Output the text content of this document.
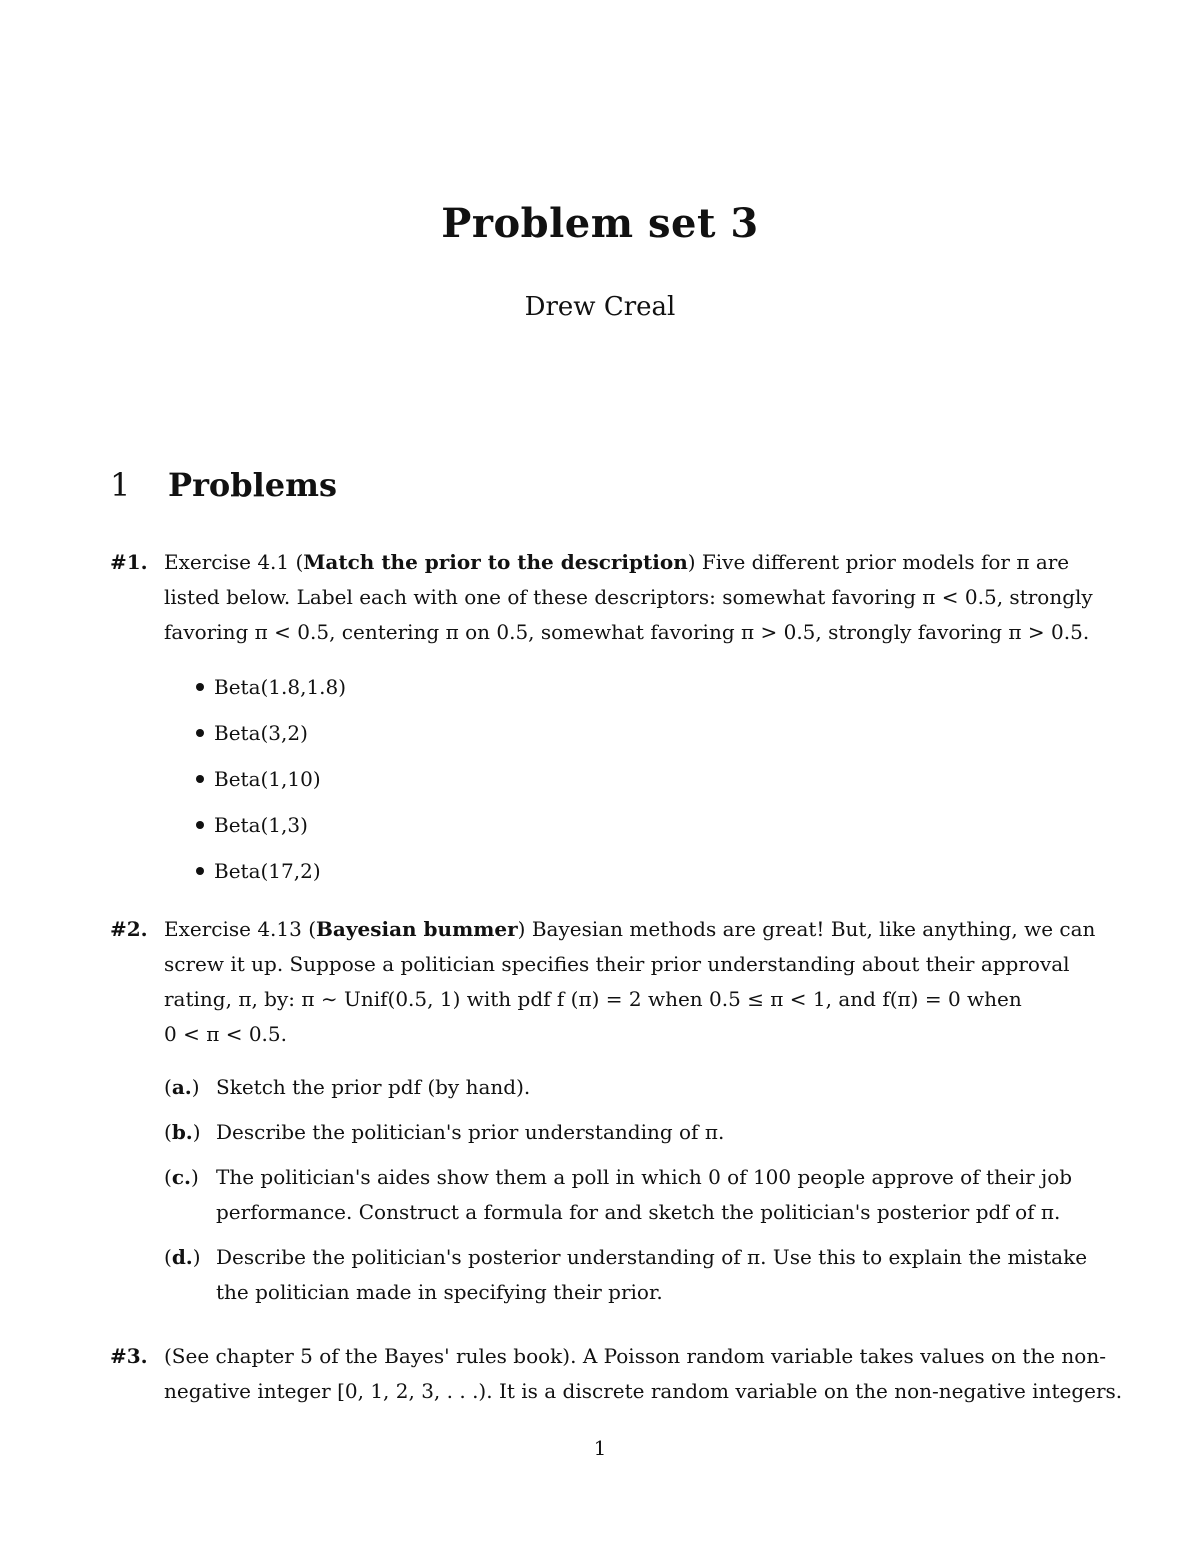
Problem set 3
Drew Creal
1 Problems
#1. Exercise 4.1 (Match the prior to the description) Five different prior models for π are
listed below. Label each with one of these descriptors: somewhat favoring π < 0.5, strongly
favoring π < 0.5, centering π on 0.5, somewhat favoring π > 0.5, strongly favoring π > 0.5.
Beta(1.8,1.8)
Beta(3,2)
Beta(1,10)
Beta(1,3)
Beta(17,2)
#2. Exercise 4.13 (Bayesian bummer) Bayesian methods are great! But, like anything, we can
screw it up. Suppose a politician specifies their prior understanding about their approval
rating, π, by: π ∼ Unif(0.5, 1) with pdf f (π) = 2 when 0.5 ≤ π < 1, and f(π) = 0 when
0 < π < 0.5.
(a.) Sketch the prior pdf (by hand).
(b.) Describe the politician's prior understanding of π.
(c.) The politician's aides show them a poll in which 0 of 100 people approve of their job
performance. Construct a formula for and sketch the politician's posterior pdf of π.
(d.) Describe the politician's posterior understanding of π. Use this to explain the mistake
the politician made in specifying their prior.
#3. (See chapter 5 of the Bayes' rules book). A Poisson random variable takes values on the non-
negative integer [0, 1, 2, 3, . . .). It is a discrete random variable on the non-negative integers.
1
